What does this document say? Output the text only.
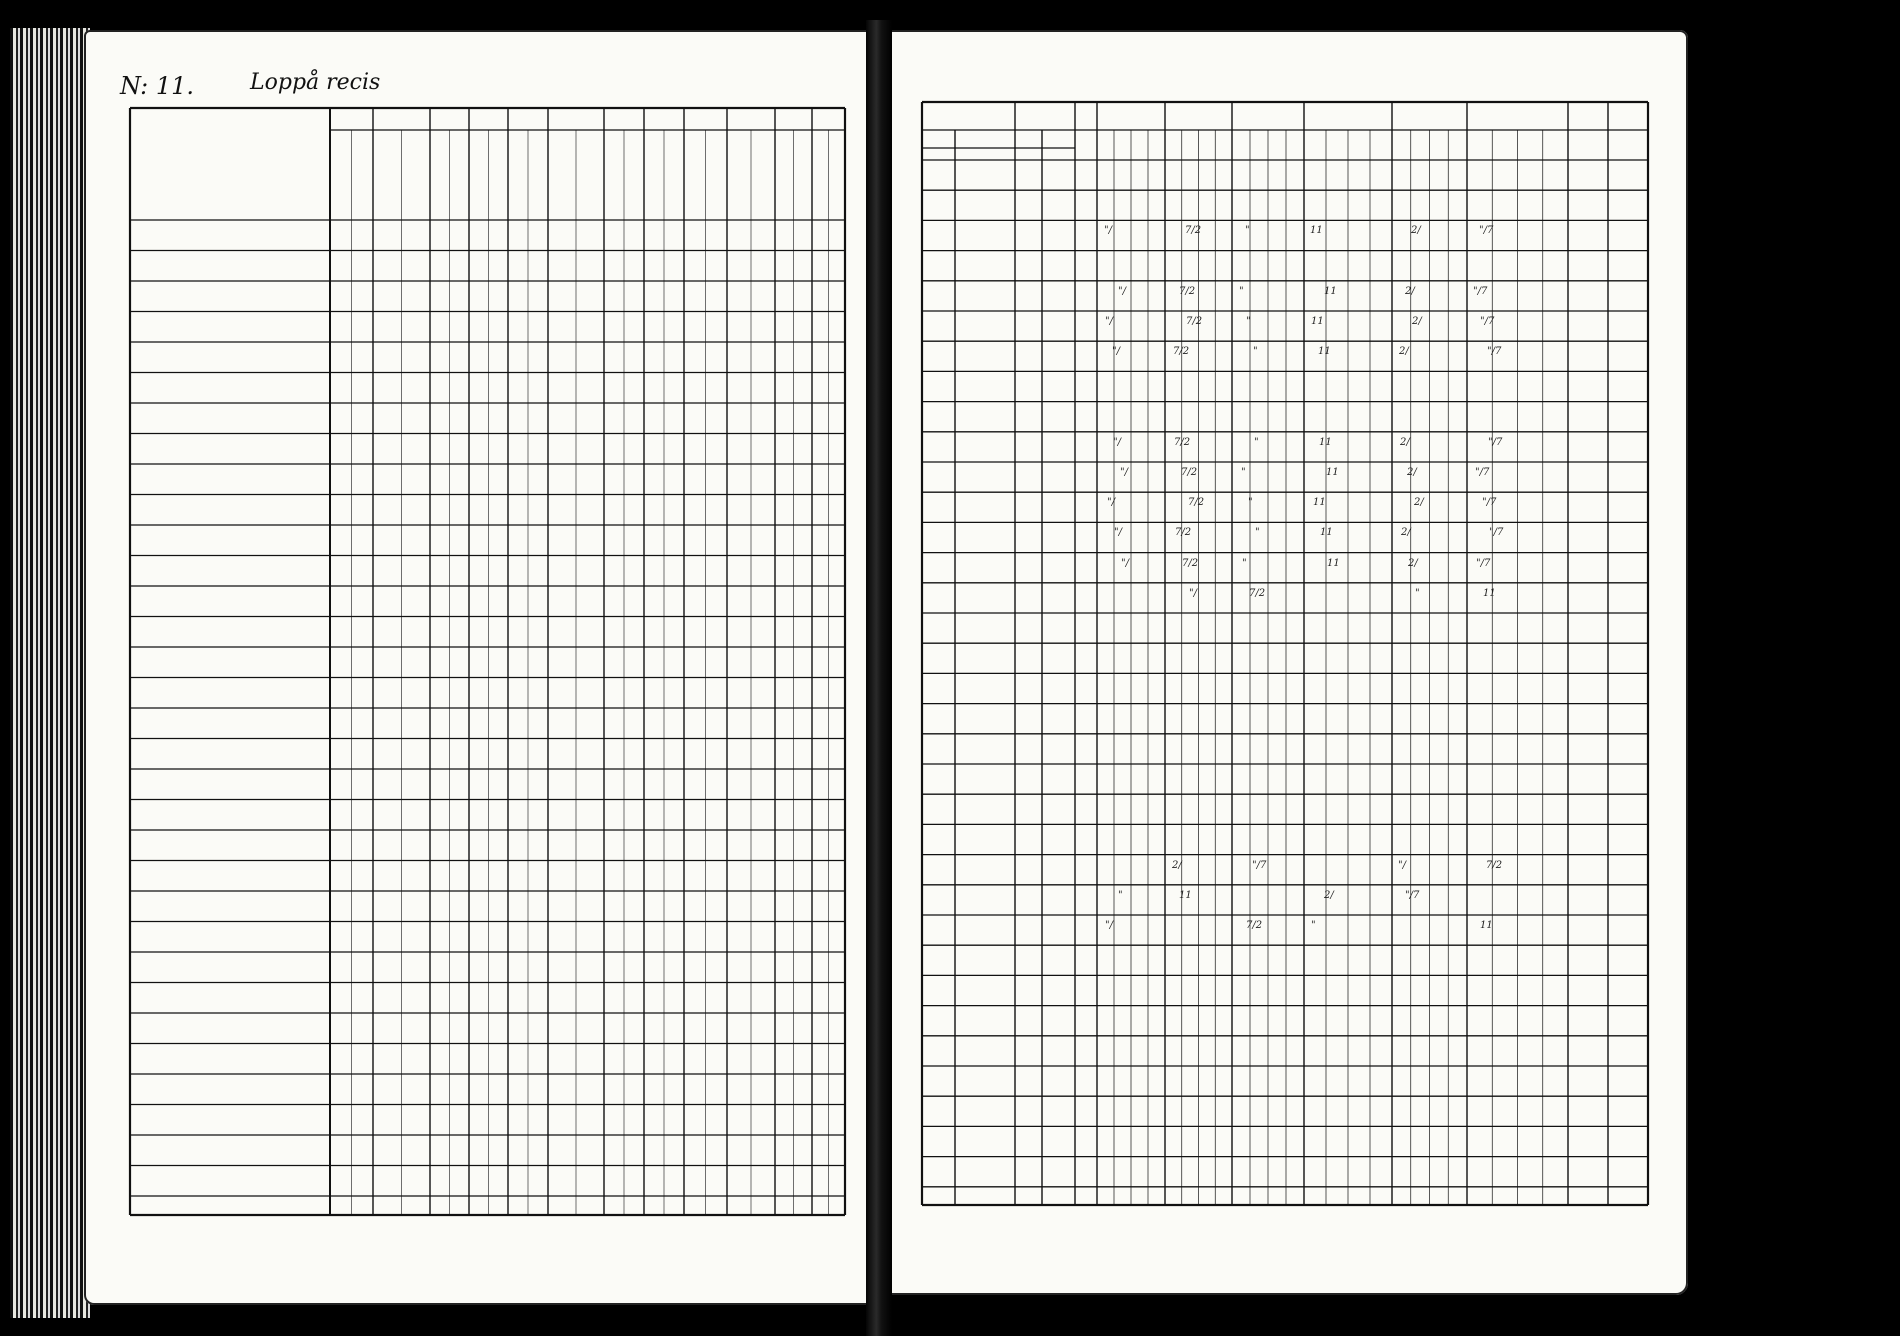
N: 11.	Loppå recis
"/	7/2	"	11	2/	"/7
"/	7/2	"	11	2/	"/7
"/	7/2	"	11	2/	"/7
"/	7/2	"	11	2/	"/7
"/	7/2	"	11	2/	"/7
"/	7/2	"	11	2/	"/7
"/	7/2	"	11	2/	"/7
"/	7/2	"	11	2/	"/7
"/	7/2	"	11	2/	"/7
"/	7/2	"	11
2/	"/7	"/	7/2
"	11	2/	"/7
"/	7/2	"	11
